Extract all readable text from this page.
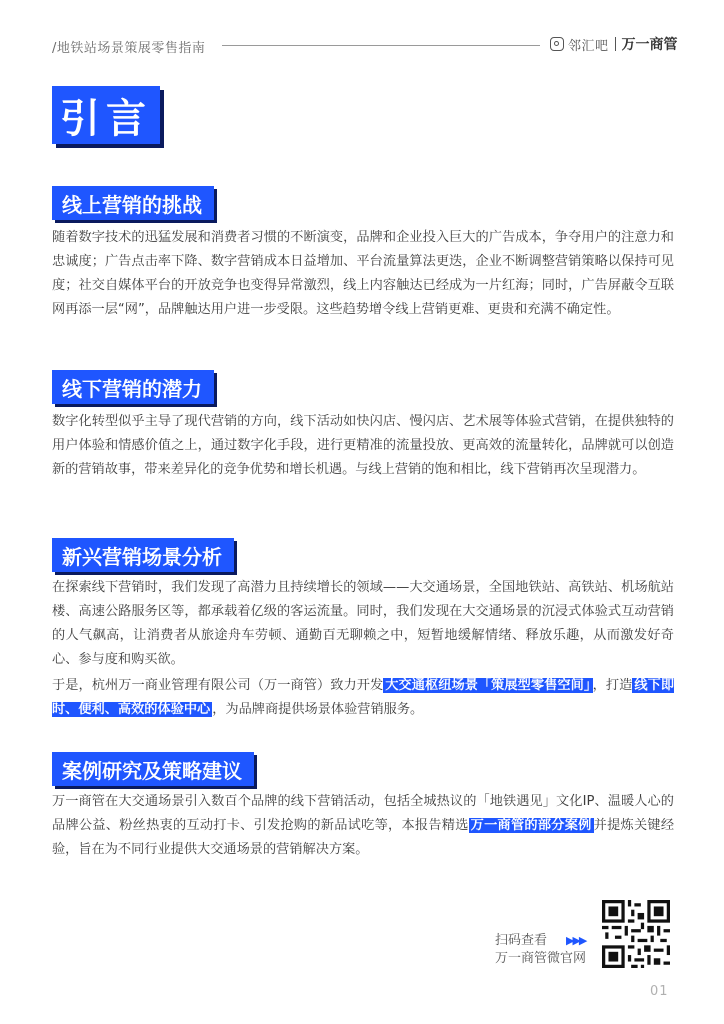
/地铁站场景策展零售指南	邻汇吧 万一商管
引言
线上营销的挑战

随着数字技术的迅猛发展和消费者习惯的不断演变，品牌和企业投入巨大的广告成本，争夺用户的注意力和忠诚度；广告点击率下降、数字营销成本日益增加、平台流量算法更迭，企业不断调整营销策略以保持可见度；社交自媒体平台的开放竞争也变得异常激烈，线上内容触达已经成为一片红海；同时，广告屏蔽令互联网再添一层“网”，品牌触达用户进一步受限。这些趋势增令线上营销更难、更贵和充满不确定性。

线下营销的潜力

数字化转型似乎主导了现代营销的方向，线下活动如快闪店、慢闪店、艺术展等体验式营销，在提供独特的用户体验和情感价值之上，通过数字化手段，进行更精准的流量投放、更高效的流量转化，品牌就可以创造新的营销故事，带来差异化的竞争优势和增长机遇。与线上营销的饱和相比，线下营销再次呈现潜力。

新兴营销场景分析

在探索线下营销时，我们发现了高潜力且持续增长的领域——大交通场景，全国地铁站、高铁站、机场航站楼、高速公路服务区等，都承载着亿级的客运流量。同时，我们发现在大交通场景的沉浸式体验式互动营销的人气飙高，让消费者从旅途舟车劳顿、通勤百无聊赖之中，短暂地缓解情绪、释放乐趣，从而激发好奇心、参与度和购买欲。

于是，杭州万一商业管理有限公司（万一商管）致力开发 大交通枢纽场景「策展型零售空间」 ，打造 线下即时、便利、高效的体验中心 ，为品牌商提供场景体验营销服务。

案例研究及策略建议

万一商管在大交通场景引入数百个品牌的线下营销活动，包括全城热议的「地铁遇见」文化IP、温暖人心的品牌公益、粉丝热衷的互动打卡、引发抢购的新品试吃等，本报告精选 万一商管的部分案例 并提炼关键经验，旨在为不同行业提供大交通场景的营销解决方案。

扫码查看
万一商管微官网
▶▶▶
01
